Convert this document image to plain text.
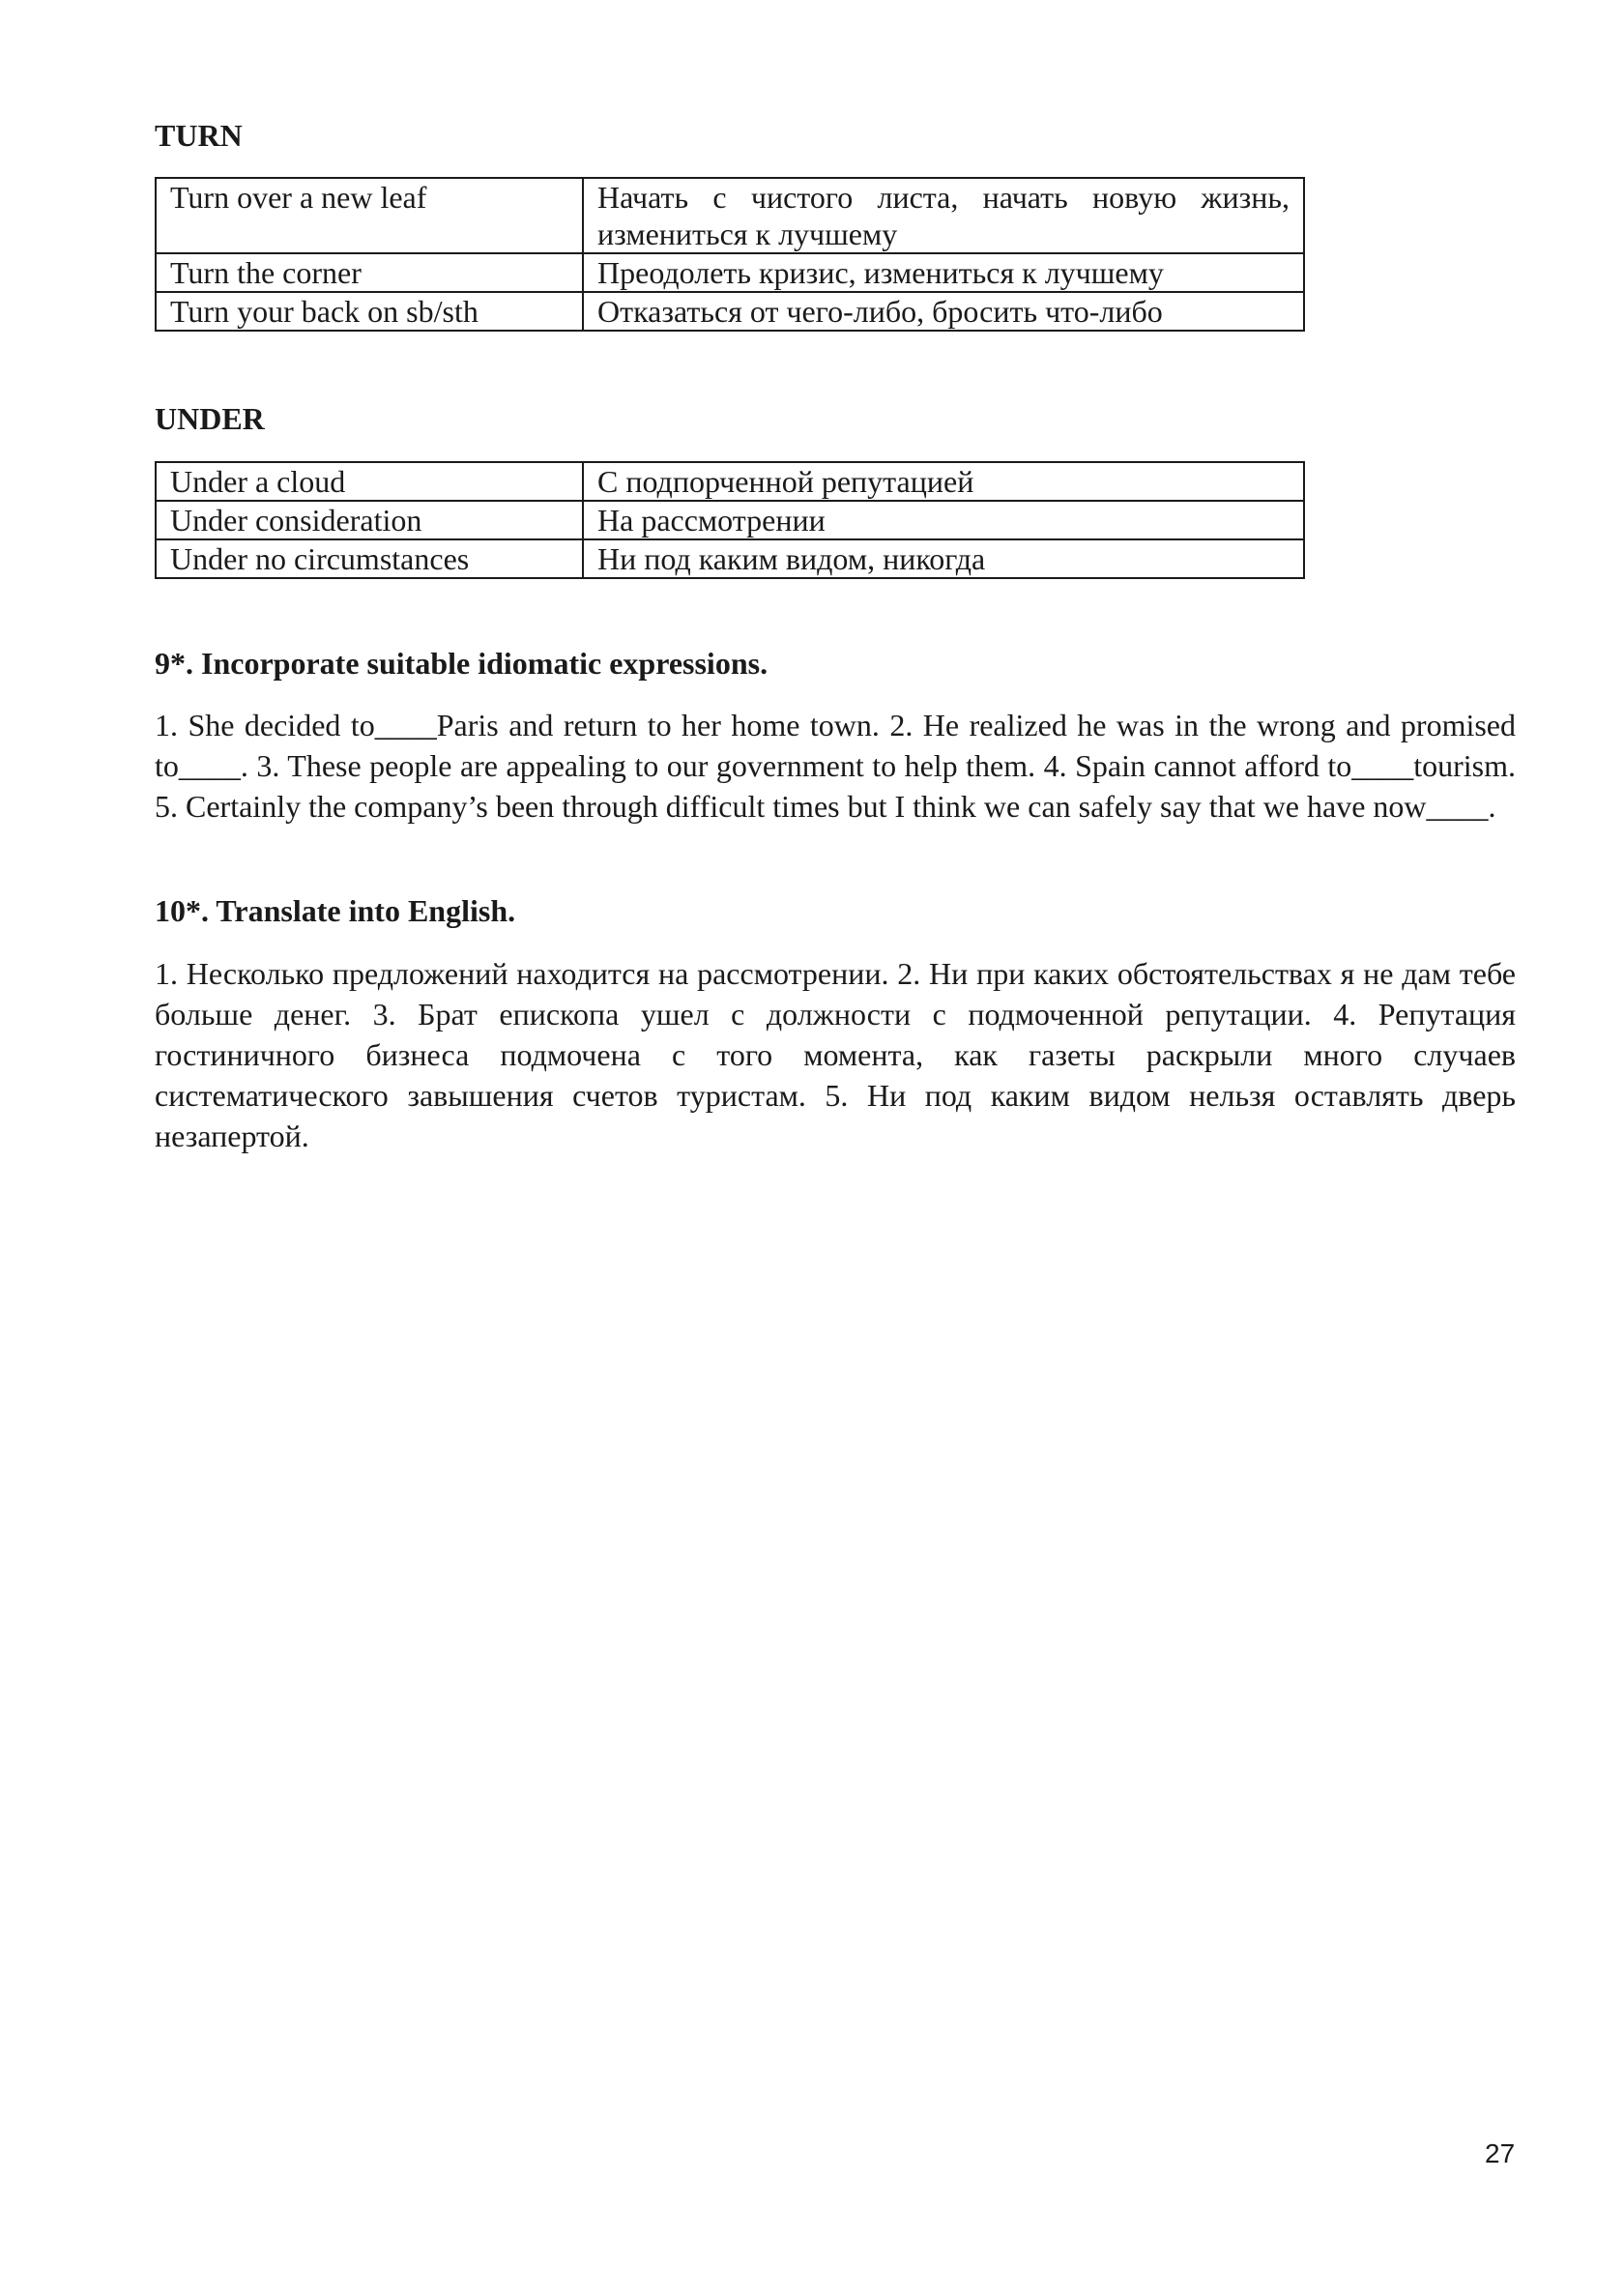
TURN
Turn over a new leaf	Начать с чистого листа, начать новую жизнь, измениться к лучшему
Turn the corner	Преодолеть кризис, измениться к лучшему
Turn your back on sb/sth	Отказаться от чего-либо, бросить что-либо
UNDER
Under a cloud	С подпорченной репутацией
Under consideration	На рассмотрении
Under no circumstances	Ни под каким видом, никогда
9*. Incorporate suitable idiomatic expressions.

1. She decided to____Paris and return to her home town. 2. He realized he was in the wrong and promised to____. 3. These people are appealing to our government to help them. 4. Spain cannot afford to____tourism. 5. Certainly the company’s been through difficult times but I think we can safely say that we have now____.

10*. Translate into English.

1. Несколько предложений находится на рассмотрении. 2. Ни при каких обстоятельствах я не дам тебе больше денег. 3. Брат епископа ушел с должности с подмоченной репутации. 4. Репутация гостиничного бизнеса подмочена с того момента, как газеты раскрыли много случаев систематического завышения счетов туристам. 5. Ни под каким видом нельзя оставлять дверь незапертой.

27
